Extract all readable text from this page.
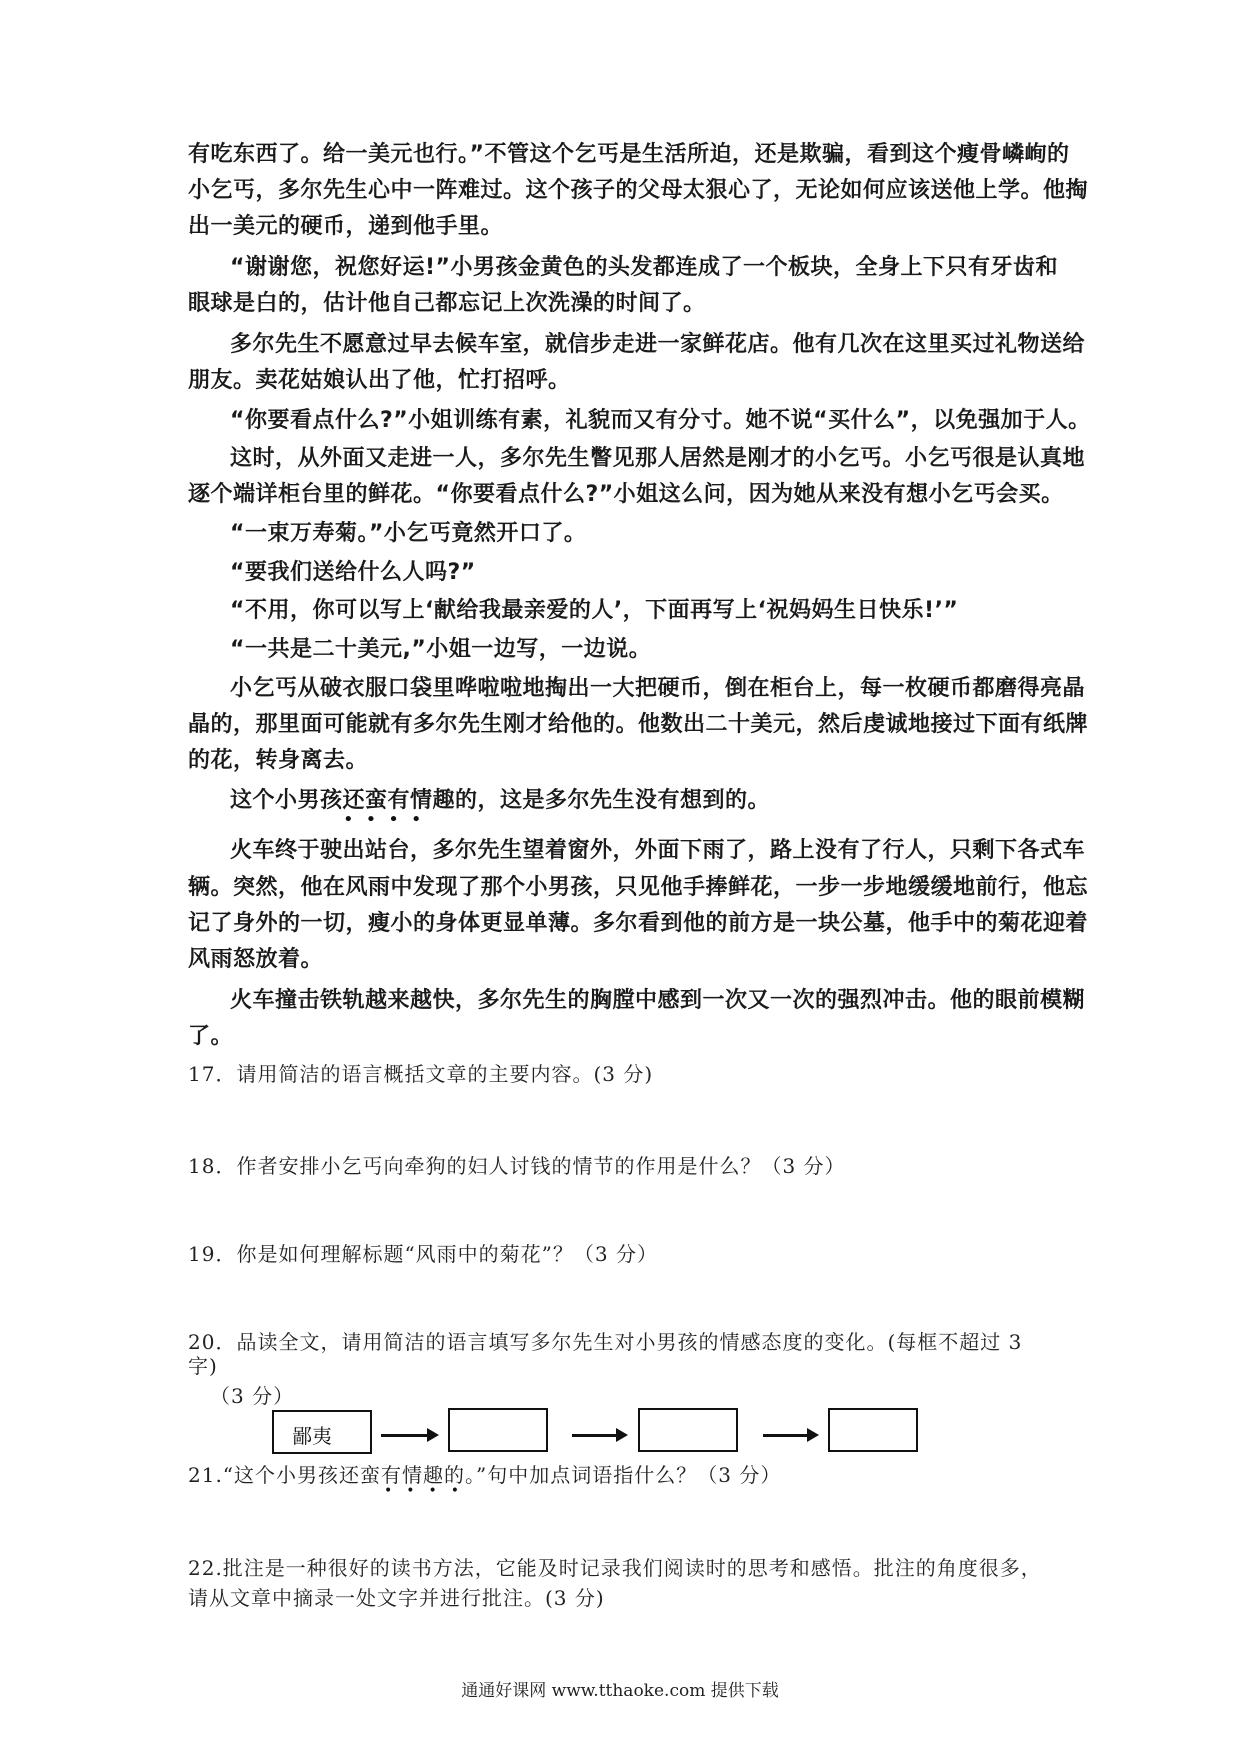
有吃东西了。给一美元也行。”不管这个乞丐是生活所迫，还是欺骗，看到这个瘦骨嶙峋的
小乞丐，多尔先生心中一阵难过。这个孩子的父母太狠心了，无论如何应该送他上学。他掏
出一美元的硬币，递到他手里。
“谢谢您，祝您好运!”小男孩金黄色的头发都连成了一个板块，全身上下只有牙齿和
眼球是白的，估计他自己都忘记上次洗澡的时间了。
多尔先生不愿意过早去候车室，就信步走进一家鲜花店。他有几次在这里买过礼物送给
朋友。卖花姑娘认出了他，忙打招呼。
“你要看点什么?”小姐训练有素，礼貌而又有分寸。她不说“买什么”，以免强加于人。
这时，从外面又走进一人，多尔先生瞥见那人居然是刚才的小乞丐。小乞丐很是认真地
逐个端详柜台里的鲜花。“你要看点什么?”小姐这么问，因为她从来没有想小乞丐会买。
“一束万寿菊。”小乞丐竟然开口了。
“要我们送给什么人吗?”
“不用，你可以写上‘献给我最亲爱的人’，下面再写上‘祝妈妈生日快乐!’”
“一共是二十美元,”小姐一边写，一边说。
小乞丐从破衣服口袋里哗啦啦地掏出一大把硬币，倒在柜台上，每一枚硬币都磨得亮晶
晶的，那里面可能就有多尔先生刚才给他的。他数出二十美元，然后虔诚地接过下面有纸牌
的花，转身离去。
这个小男孩还蛮有情趣的，这是多尔先生没有想到的。
••••
火车终于驶出站台，多尔先生望着窗外，外面下雨了，路上没有了行人，只剩下各式车
辆。突然，他在风雨中发现了那个小男孩，只见他手捧鲜花，一步一步地缓缓地前行，他忘
记了身外的一切，瘦小的身体更显单薄。多尔看到他的前方是一块公墓，他手中的菊花迎着
风雨怒放着。
火车撞击铁轨越来越快，多尔先生的胸膛中感到一次又一次的强烈冲击。他的眼前模糊
了。
17．请用简洁的语言概括文章的主要内容。(3 分)
18．作者安排小乞丐向牵狗的妇人讨钱的情节的作用是什么？（3 分）
19．你是如何理解标题“风雨中的菊花”？（3 分）
20．品读全文，请用简洁的语言填写多尔先生对小男孩的情感态度的变化。(每框不超过 3
字)
（3 分）
鄙夷
21.“这个小男孩还蛮有情趣的。”句中加点词语指什么？（3 分）
••••
22.批注是一种很好的读书方法，它能及时记录我们阅读时的思考和感悟。批注的角度很多，
请从文章中摘录一处文字并进行批注。(3 分)
通通好课网 www.tthaoke.com 提供下载
